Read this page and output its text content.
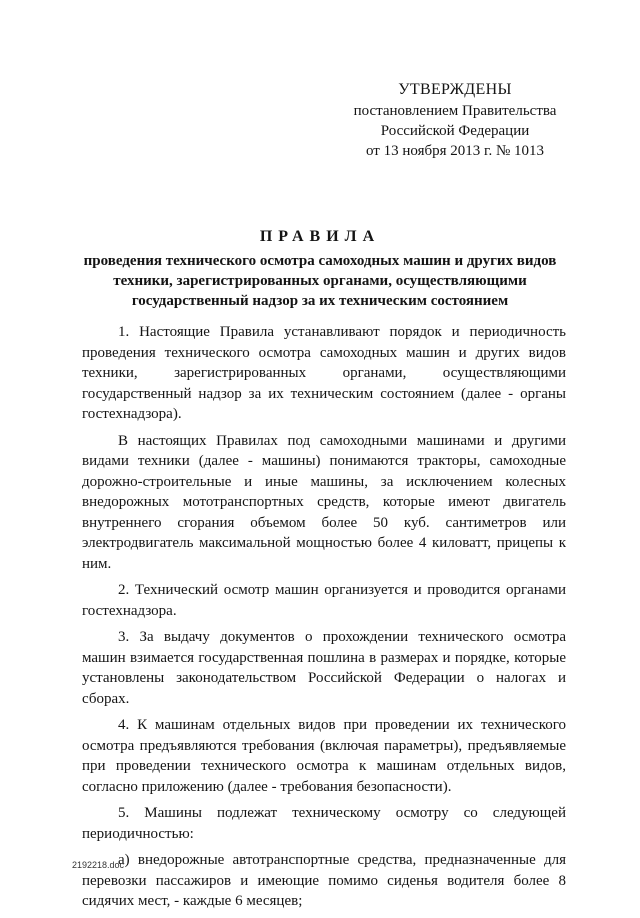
УТВЕРЖДЕНЫ
постановлением Правительства
Российской Федерации
от 13 ноября 2013 г. № 1013
ПРАВИЛА
проведения технического осмотра самоходных машин и других видов техники, зарегистрированных органами, осуществляющими государственный надзор за их техническим состоянием

1. Настоящие Правила устанавливают порядок и периодичность проведения технического осмотра самоходных машин и других видов техники, зарегистрированных органами, осуществляющими государственный надзор за их техническим состоянием (далее - органы гостехнадзора).

В настоящих Правилах под самоходными машинами и другими видами техники (далее - машины) понимаются тракторы, самоходные дорожно-строительные и иные машины, за исключением колесных внедорожных мототранспортных средств, которые имеют двигатель внутреннего сгорания объемом более 50 куб. сантиметров или электродвигатель максимальной мощностью более 4 киловатт, прицепы к ним.

2. Технический осмотр машин организуется и проводится органами гостехнадзора.

3. За выдачу документов о прохождении технического осмотра машин взимается государственная пошлина в размерах и порядке, которые установлены законодательством Российской Федерации о налогах и сборах.

4. К машинам отдельных видов при проведении их технического осмотра предъявляются требования (включая параметры), предъявляемые при проведении технического осмотра к машинам отдельных видов, согласно приложению (далее - требования безопасности).

5. Машины подлежат техническому осмотру со следующей периодичностью:

а) внедорожные автотранспортные средства, предназначенные для перевозки пассажиров и имеющие помимо сиденья водителя более 8 сидячих мест, - каждые 6 месяцев;

2192218.doc
